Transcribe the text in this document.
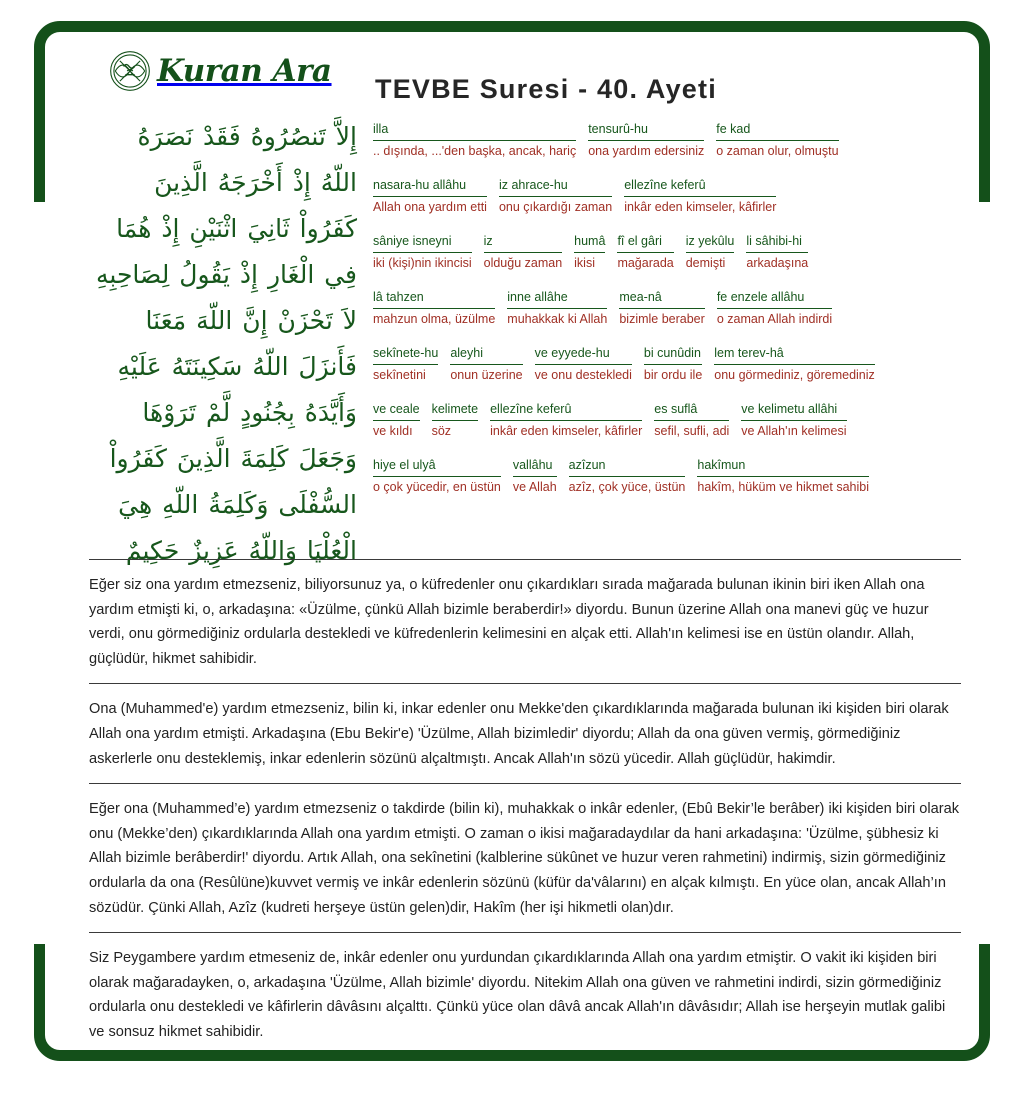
Kuran Ara
TEVBE Suresi - 40. Ayeti
إِلاَّ تَنصُرُوهُ فَقَدْ نَصَرَهُ
اللّهُ إِذْ أَخْرَجَهُ الَّذِينَ
كَفَرُواْ ثَانِيَ اثْنَيْنِ إِذْ هُمَا
فِي الْغَارِ إِذْ يَقُولُ لِصَاحِبِهِ
لاَ تَحْزَنْ إِنَّ اللّهَ مَعَنَا
فَأَنزَلَ اللّهُ سَكِينَتَهُ عَلَيْهِ
وَأَيَّدَهُ بِجُنُودٍ لَّمْ تَرَوْهَا
وَجَعَلَ كَلِمَةَ الَّذِينَ كَفَرُواْ
السُّفْلَى وَكَلِمَةُ اللّهِ هِيَ
الْعُلْيَا وَاللّهُ عَزِيزٌ حَكِيمٌ
illa
.. dışında, ...'den başka, ancak, hariç
tensurû-hu
ona yardım edersiniz
fe kad
o zaman olur, olmuştu
nasara-hu allâhu
Allah ona yardım etti
iz ahrace-hu
onu çıkardığı zaman
ellezîne keferû
inkâr eden kimseler, kâfirler
sâniye isneyni
iki (kişi)nin ikincisi
iz
olduğu zaman
humâ
ikisi
fî el gâri
mağarada
iz yekûlu
demişti
li sâhibi-hi
arkadaşına
lâ tahzen
mahzun olma, üzülme
inne allâhe
muhakkak ki Allah
mea-nâ
bizimle beraber
fe enzele allâhu
o zaman Allah indirdi
sekînete-hu
sekînetini
aleyhi
onun üzerine
ve eyyede-hu
ve onu destekledi
bi cunûdin
bir ordu ile
lem terev-hâ
onu görmediniz, göremediniz
ve ceale
ve kıldı
kelimete
söz
ellezîne keferû
inkâr eden kimseler, kâfirler
es suflâ
sefil, sufli, adi
ve kelimetu allâhi
ve Allah'ın kelimesi
hiye el ulyâ
o çok yücedir, en üstün
vallâhu
ve Allah
azîzun
azîz, çok yüce, üstün
hakîmun
hakîm, hüküm ve hikmet sahibi

Eğer siz ona yardım etmezseniz, biliyorsunuz ya, o küfredenler onu çıkardıkları sırada mağarada bulunan ikinin biri iken Allah ona yardım etmişti ki, o, arkadaşına: «Üzülme, çünkü Allah bizimle beraberdir!» diyordu. Bunun üzerine Allah ona manevi güç ve huzur verdi, onu görmediğiniz ordularla destekledi ve küfredenlerin kelimesini en alçak etti. Allah'ın kelimesi ise en üstün olandır. Allah, güçlüdür, hikmet sahibidir.

Ona (Muhammed'e) yardım etmezseniz, bilin ki, inkar edenler onu Mekke'den çıkardıklarında mağarada bulunan iki kişiden biri olarak Allah ona yardım etmişti. Arkadaşına (Ebu Bekir'e) 'Üzülme, Allah bizimledir' diyordu; Allah da ona güven vermiş, görmediğiniz askerlerle onu desteklemiş, inkar edenlerin sözünü alçaltmıştı. Ancak Allah'ın sözü yücedir. Allah güçlüdür, hakimdir.

Eğer ona (Muhammed’e) yardım etmezseniz o takdirde (bilin ki), muhakkak o inkâr edenler, (Ebû Bekir’le berâber) iki kişiden biri olarak onu (Mekke’den) çıkardıklarında Allah ona yardım etmişti. O zaman o ikisi mağaradaydılar da hani arkadaşına: 'Üzülme, şübhesiz ki Allah bizimle berâberdir!' diyordu. Artık Allah, ona sekînetini (kalblerine sükûnet ve huzur veren rahmetini) indirmiş, sizin görmediğiniz ordularla da ona (Resûlüne)kuvvet vermiş ve inkâr edenlerin sözünü (küfür da'vâlarını) en alçak kılmıştı. En yüce olan, ancak Allah’ın sözüdür. Çünki Allah, Azîz (kudreti herşeye üstün gelen)dir, Hakîm (her işi hikmetli olan)dır.

Siz Peygambere yardım etmeseniz de, inkâr edenler onu yurdundan çıkardıklarında Allah ona yardım etmiştir. O vakit iki kişiden biri olarak mağaradayken, o, arkadaşına 'Üzülme, Allah bizimle' diyordu. Nitekim Allah ona güven ve rahmetini indirdi, sizin görmediğiniz ordularla onu destekledi ve kâfirlerin dâvâsını alçalttı. Çünkü yüce olan dâvâ ancak Allah'ın dâvâsıdır; Allah ise herşeyin mutlak galibi ve sonsuz hikmet sahibidir.
